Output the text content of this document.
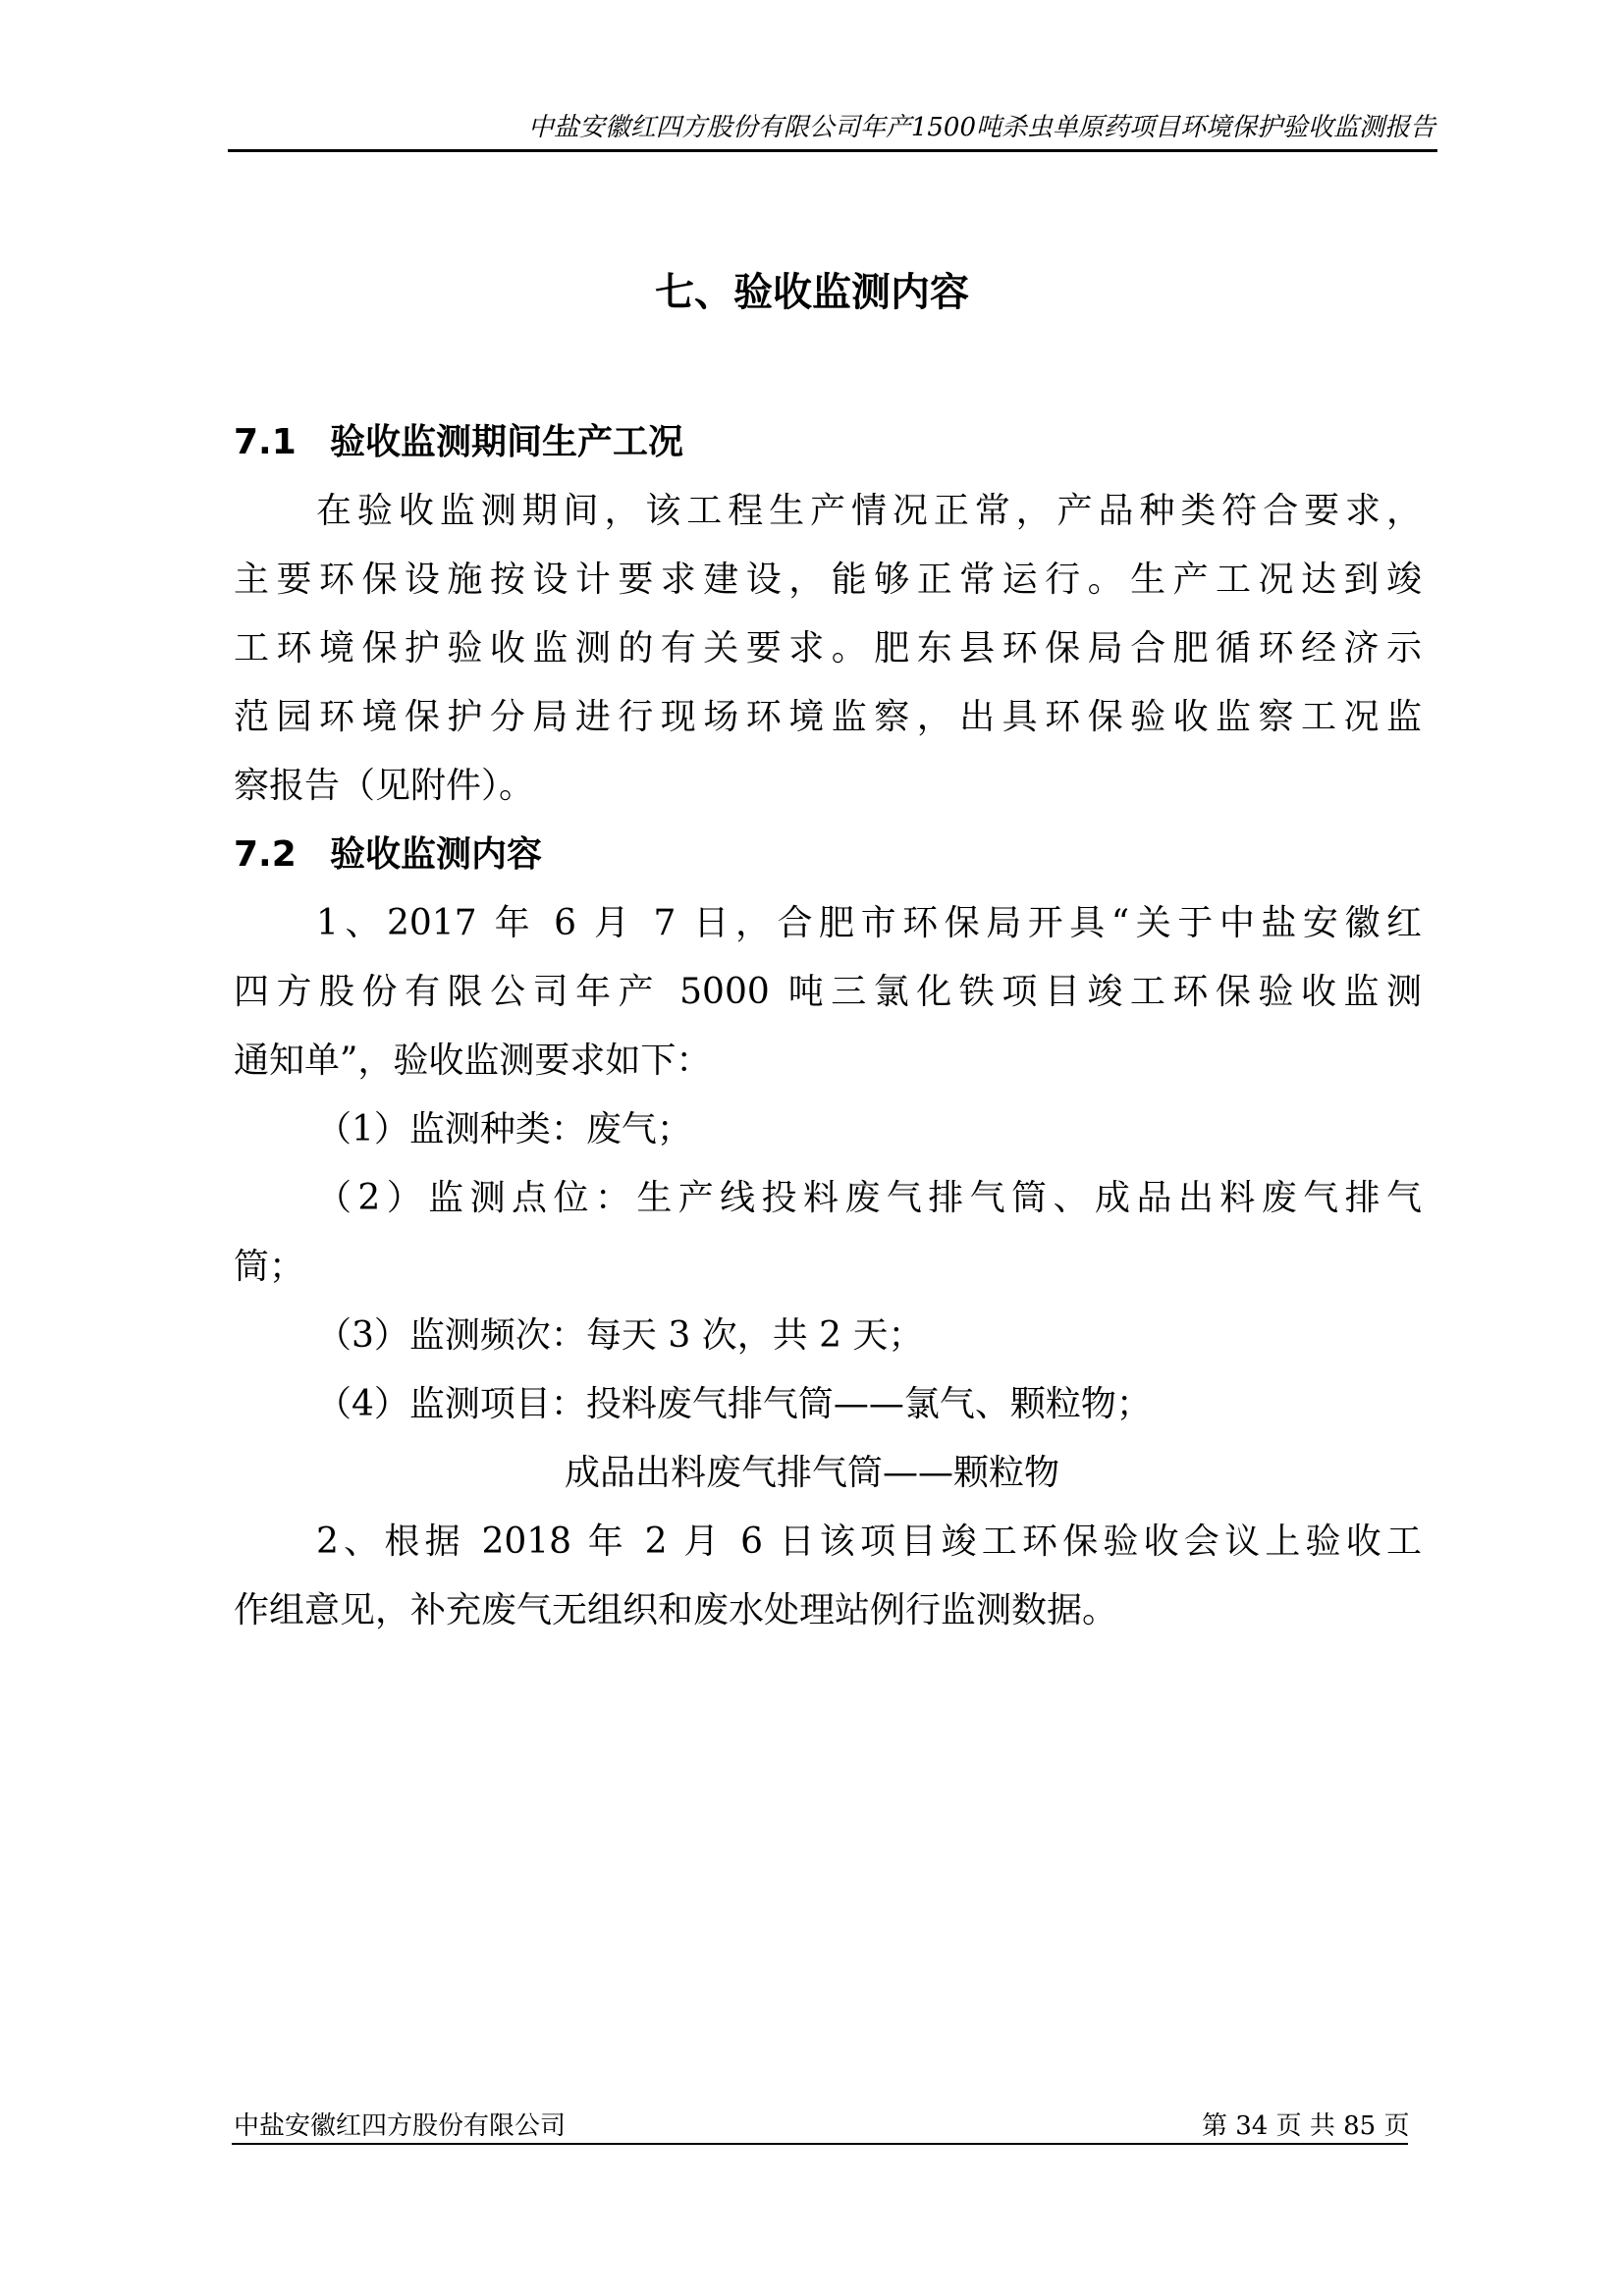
中盐安徽红四方股份有限公司年产1500吨杀虫单原药项目环境保护验收监测报告
七、验收监测内容
7.1 验收监测期间生产工况
在验收监测期间，该工程生产情况正常，产品种类符合要求，
主要环保设施按设计要求建设，能够正常运行。生产工况达到竣
工环境保护验收监测的有关要求。肥东县环保局合肥循环经济示
范园环境保护分局进行现场环境监察，出具环保验收监察工况监
察报告（见附件）。
7.2 验收监测内容
1、2017 年 6 月 7 日，合肥市环保局开具“关于中盐安徽红
四方股份有限公司年产 5000 吨三氯化铁项目竣工环保验收监测
通知单”，验收监测要求如下：
（1）监测种类：废气；
（2）监测点位：生产线投料废气排气筒、成品出料废气排气
筒；
（3）监测频次：每天 3 次，共 2 天；
（4）监测项目：投料废气排气筒——氯气、颗粒物；
成品出料废气排气筒——颗粒物
2、根据 2018 年 2 月 6 日该项目竣工环保验收会议上验收工
作组意见，补充废气无组织和废水处理站例行监测数据。
中盐安徽红四方股份有限公司	第 34 页 共 85 页
